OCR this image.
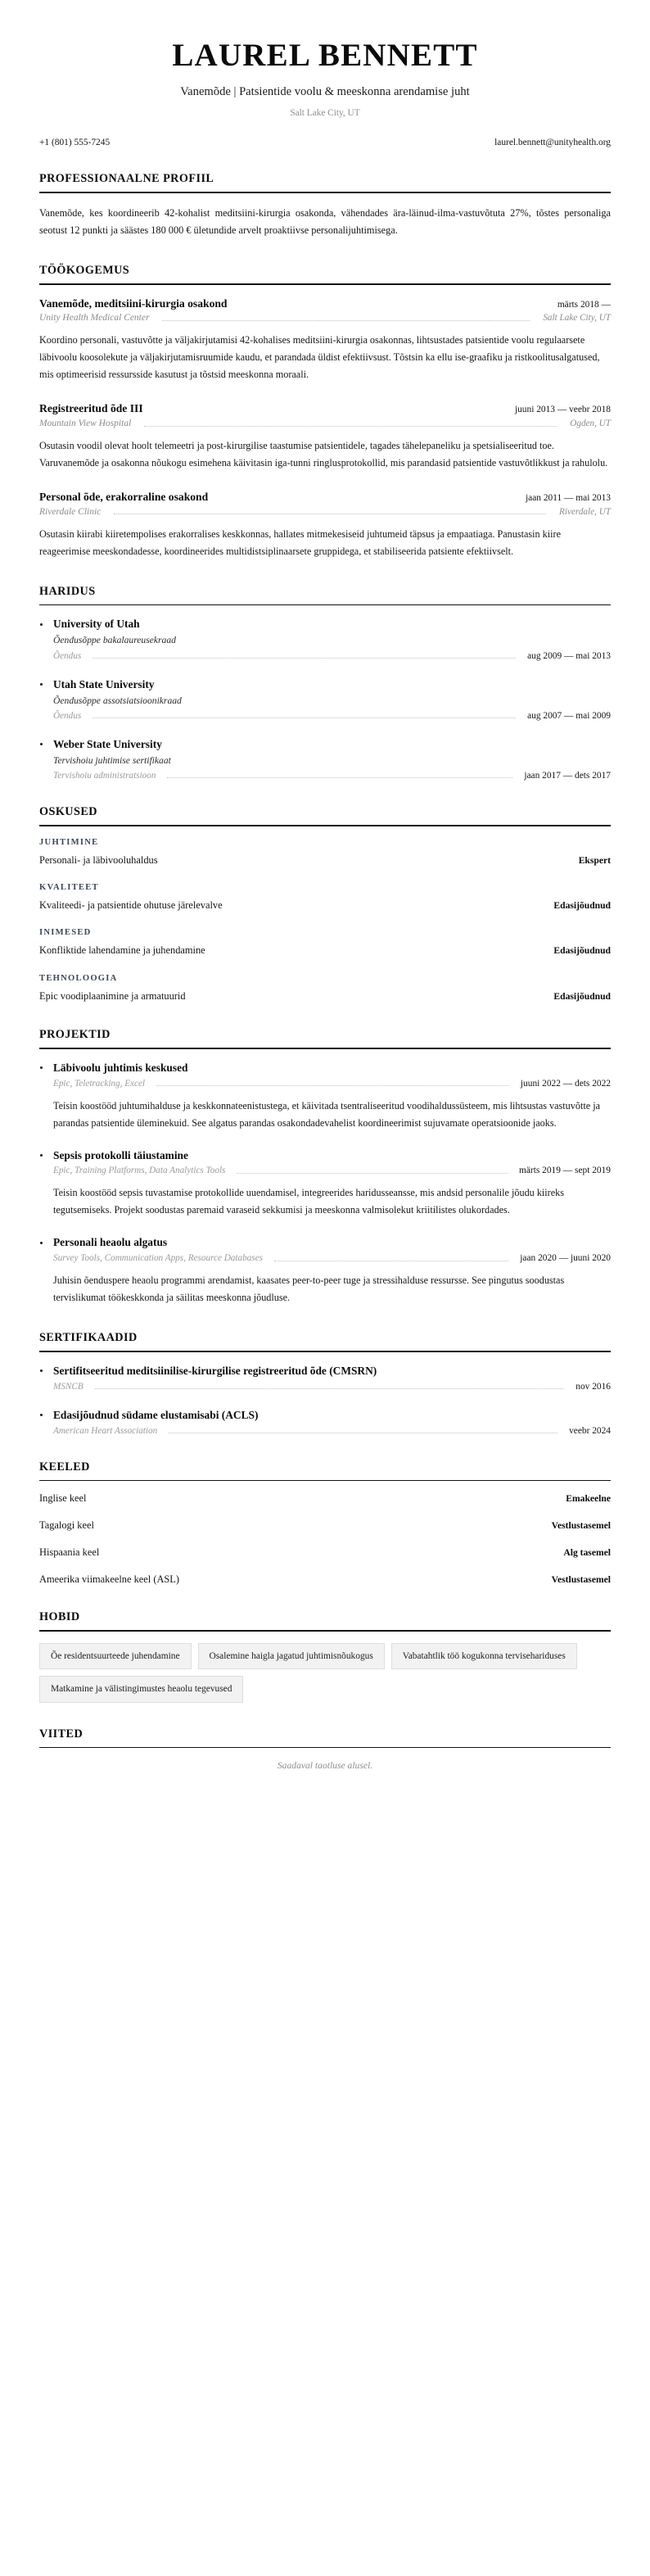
LAUREL BENNETT
Vanemõde | Patsientide voolu & meeskonna arendamise juht
Salt Lake City, UT
+1 (801) 555-7245	laurel.bennett@unityhealth.org
PROFESSIONAALNE PROFIIL

Vanemõde, kes koordineerib 42-kohalist meditsiini-kirurgia osakonda, vähendades ära-läinud-ilma-vastuvõtuta 27%, tõstes personaliga seotust 12 punkti ja säästes 180 000 € ületundide arvelt proaktiivse personalijuhtimisega.

TÖÖKOGEMUS
Vanemõde, meditsiini-kirurgia osakond	märts 2018 —
Unity Health Medical Center	Salt Lake City, UT

Koordino personali, vastuvõtte ja väljakirjutamisi 42-kohalises meditsiini-kirurgia osakonnas, lihtsustades patsientide voolu regulaarsete läbivoolu koosolekute ja väljakirjutamisruumide kaudu, et parandada üldist efektiivsust. Tõstsin ka ellu ise-graafiku ja ristkoolitusalgatused, mis optimeerisid ressursside kasutust ja tõstsid meeskonna moraali.

Registreeritud õde III	juuni 2013 — veebr 2018
Mountain View Hospital	Ogden, UT

Osutasin voodil olevat hoolt telemeetri ja post-kirurgilise taastumise patsientidele, tagades tähelepaneliku ja spetsialiseeritud toe. Varuvanemõde ja osakonna nõukogu esimehena käivitasin iga-tunni ringlusprotokollid, mis parandasid patsientide vastuvõtlikkust ja rahulolu.

Personal õde, erakorraline osakond	jaan 2011 — mai 2013
Riverdale Clinic	Riverdale, UT

Osutasin kiirabi kiiretempolises erakorralises keskkonnas, hallates mitmekesiseid juhtumeid täpsus ja empaatiaga. Panustasin kiire reageerimise meeskondadesse, koordineerides multidistsiplinaarsete gruppidega, et stabiliseerida patsiente efektiivselt.

HARIDUS
University of Utah
Õendusõppe bakalaureusekraad
Õendus	aug 2009 — mai 2013
Utah State University
Õendusõppe assotsiatsioonikraad
Õendus	aug 2007 — mai 2009
Weber State University
Tervishoiu juhtimise sertifikaat
Tervishoiu administratsioon	jaan 2017 — dets 2017
OSKUSED
JUHTIMINE
Personali- ja läbivooluhaldus	Ekspert
KVALITEET
Kvaliteedi- ja patsientide ohutuse järelevalve	Edasijõudnud
INIMESED
Konfliktide lahendamine ja juhendamine	Edasijõudnud
TEHNOLOOGIA
Epic voodiplaanimine ja armatuurid	Edasijõudnud
PROJEKTID
Läbivoolu juhtimis keskused
Epic, Teletracking, Excel	juuni 2022 — dets 2022

Teisin koostööd juhtumihalduse ja keskkonnateenistustega, et käivitada tsentraliseeritud voodihaldussüsteem, mis lihtsustas vastuvõtte ja parandas patsientide üleminekuid. See algatus parandas osakondadevahelist koordineerimist sujuvamate operatsioonide jaoks.

Sepsis protokolli täiustamine
Epic, Training Platforms, Data Analytics Tools	märts 2019 — sept 2019

Teisin koostööd sepsis tuvastamise protokollide uuendamisel, integreerides haridusseansse, mis andsid personalile jõudu kiireks tegutsemiseks. Projekt soodustas paremaid varaseid sekkumisi ja meeskonna valmisolekut kriitilistes olukordades.

Personali heaolu algatus
Survey Tools, Communication Apps, Resource Databases	jaan 2020 — juuni 2020

Juhisin õenduspere heaolu programmi arendamist, kaasates peer-to-peer tuge ja stressihalduse ressursse. See pingutus soodustas tervislikumat töökeskkonda ja säilitas meeskonna jõudluse.

SERTIFIKAADID
Sertifitseeritud meditsiinilise-kirurgilise registreeritud õde (CMSRN)
MSNCB	nov 2016
Edasijõudnud südame elustamisabi (ACLS)
American Heart Association	veebr 2024
KEELED
Inglise keel	Emakeelne
Tagalogi keel	Vestlustasemel
Hispaania keel	Alg tasemel
Ameerika viimakeelne keel (ASL)	Vestlustasemel
HOBID
Õe residentsuurteede juhendamine	Osalemine haigla jagatud juhtimisnõukogus	Vabatahtlik töö kogukonna tervisehariduses
Matkamine ja välistingimustes heaolu tegevused
VIITED
Saadaval taotluse alusel.
